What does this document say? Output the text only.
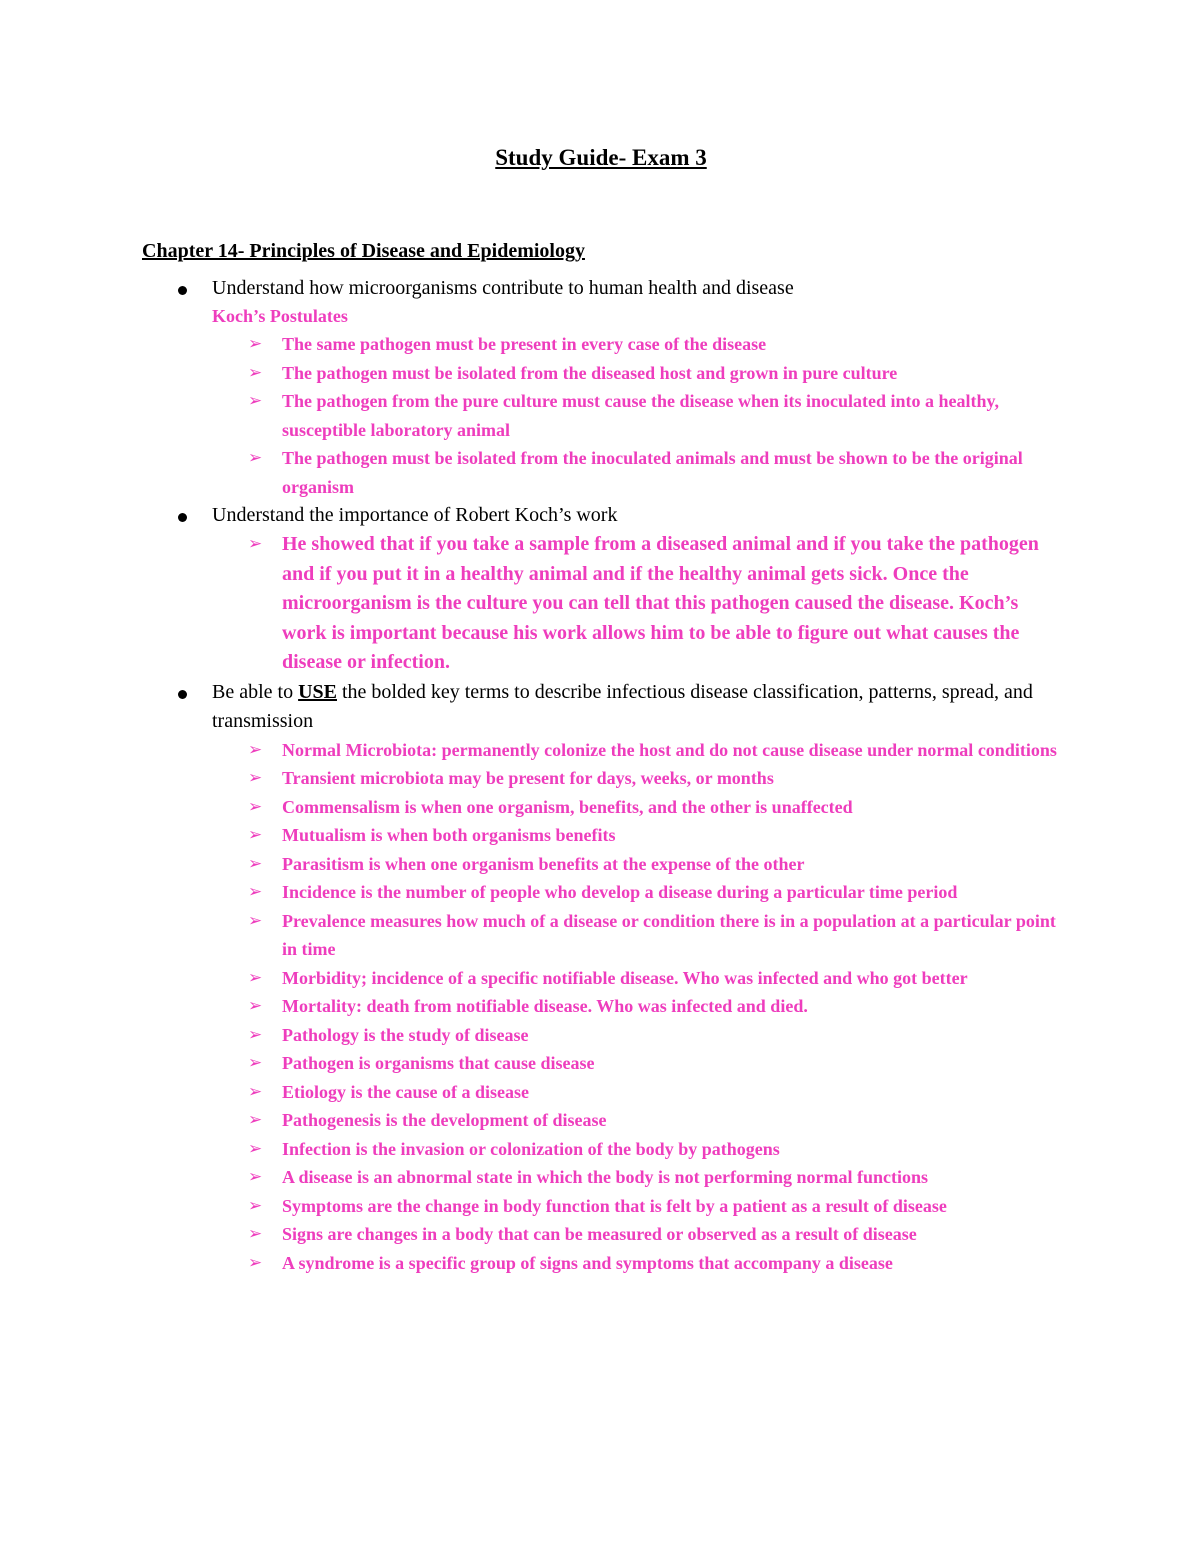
Study Guide- Exam 3
Chapter 14- Principles of Disease and Epidemiology
Understand how microorganisms contribute to human health and disease
Koch’s Postulates
➢ The same pathogen must be present in every case of the disease
➢ The pathogen must be isolated from the diseased host and grown in pure culture
➢ The pathogen from the pure culture must cause the disease when its inoculated into a healthy, susceptible laboratory animal
➢ The pathogen must be isolated from the inoculated animals and must be shown to be the original organism
Understand the importance of Robert Koch’s work
➢ He showed that if you take a sample from a diseased animal and if you take the pathogen and if you put it in a healthy animal and if the healthy animal gets sick. Once the microorganism is the culture you can tell that this pathogen caused the disease. Koch’s work is important because his work allows him to be able to figure out what causes the disease or infection.
Be able to USE the bolded key terms to describe infectious disease classification, patterns, spread, and transmission
➢ Normal Microbiota: permanently colonize the host and do not cause disease under normal conditions
➢ Transient microbiota may be present for days, weeks, or months
➢ Commensalism is when one organism, benefits, and the other is unaffected
➢ Mutualism is when both organisms benefits
➢ Parasitism is when one organism benefits at the expense of the other
➢ Incidence is the number of people who develop a disease during a particular time period
➢ Prevalence measures how much of a disease or condition there is in a population at a particular point in time
➢ Morbidity; incidence of a specific notifiable disease. Who was infected and who got better
➢ Mortality: death from notifiable disease. Who was infected and died.
➢ Pathology is the study of disease
➢ Pathogen is organisms that cause disease
➢ Etiology is the cause of a disease
➢ Pathogenesis is the development of disease
➢ Infection is the invasion or colonization of the body by pathogens
➢ A disease is an abnormal state in which the body is not performing normal functions
➢ Symptoms are the change in body function that is felt by a patient as a result of disease
➢ Signs are changes in a body that can be measured or observed as a result of disease
➢ A syndrome is a specific group of signs and symptoms that accompany a disease
